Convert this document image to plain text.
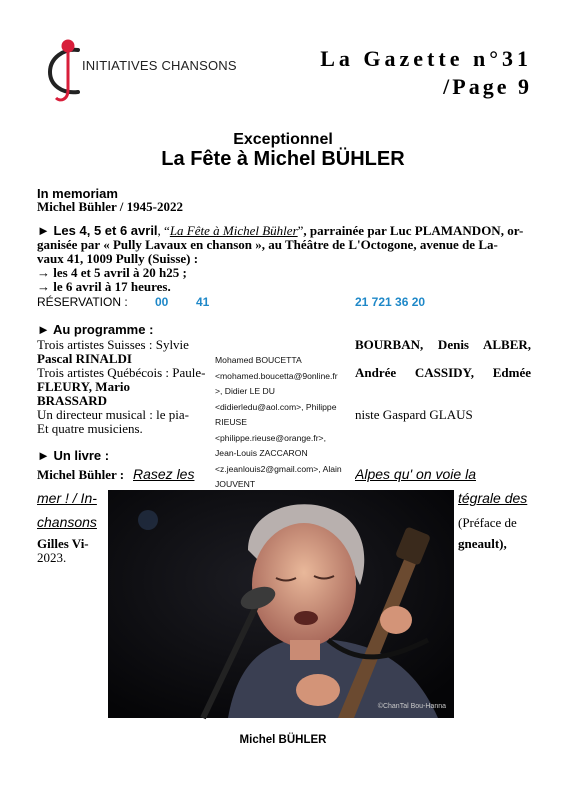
INITIATIVES CHANSONS	La Gazette n°31
/Page 9
Exceptionnel
La Fête à Michel BÜHLER
In memoriam
Michel Bühler / 1945-2022
► Les 4, 5 et 6 avril, “La Fête à Michel Bühler”, parrainée par Luc PLAMANDON, or-
ganisée par « Pully Lavaux en chanson », au Théâtre de L'Octogone, avenue de La-
vaux 41, 1009 Pully (Suisse) :
→ les 4 et 5 avril à 20 h25 ;
→ le 6 avril à 17 heures.
RÉSERVATION : 00 41	21 721 36 20
► Au programme :
Trois artistes Suisses : Sylvie	BOURBAN, Denis ALBER,
Pascal RINALDI
Trois artistes Québécois : Paule-	Andrée CASSIDY, Edmée
FLEURY, Mario
BRASSARD
Un directeur musical : le pia-	niste Gaspard GLAUS
Et quatre musiciens.
► Un livre :
Michel Bühler : Rasez les	Alpes qu' on voie la
mer ! / In-	tégrale des
chansons	(Préface de
Gilles Vi-	gneault),
2023.
Mohamed BOUCETTA
<mohamed.boucetta@9online.fr
>, Didier LE DU
<didierledu@aol.com>, Philippe
RIEUSE
<philippe.rieuse@orange.fr>,
Jean-Louis ZACCARON
<z.jeanlouis2@gmail.com>, Alain
JOUVENT
©ChanTal Bou-Hanna
Michel BÜHLER
